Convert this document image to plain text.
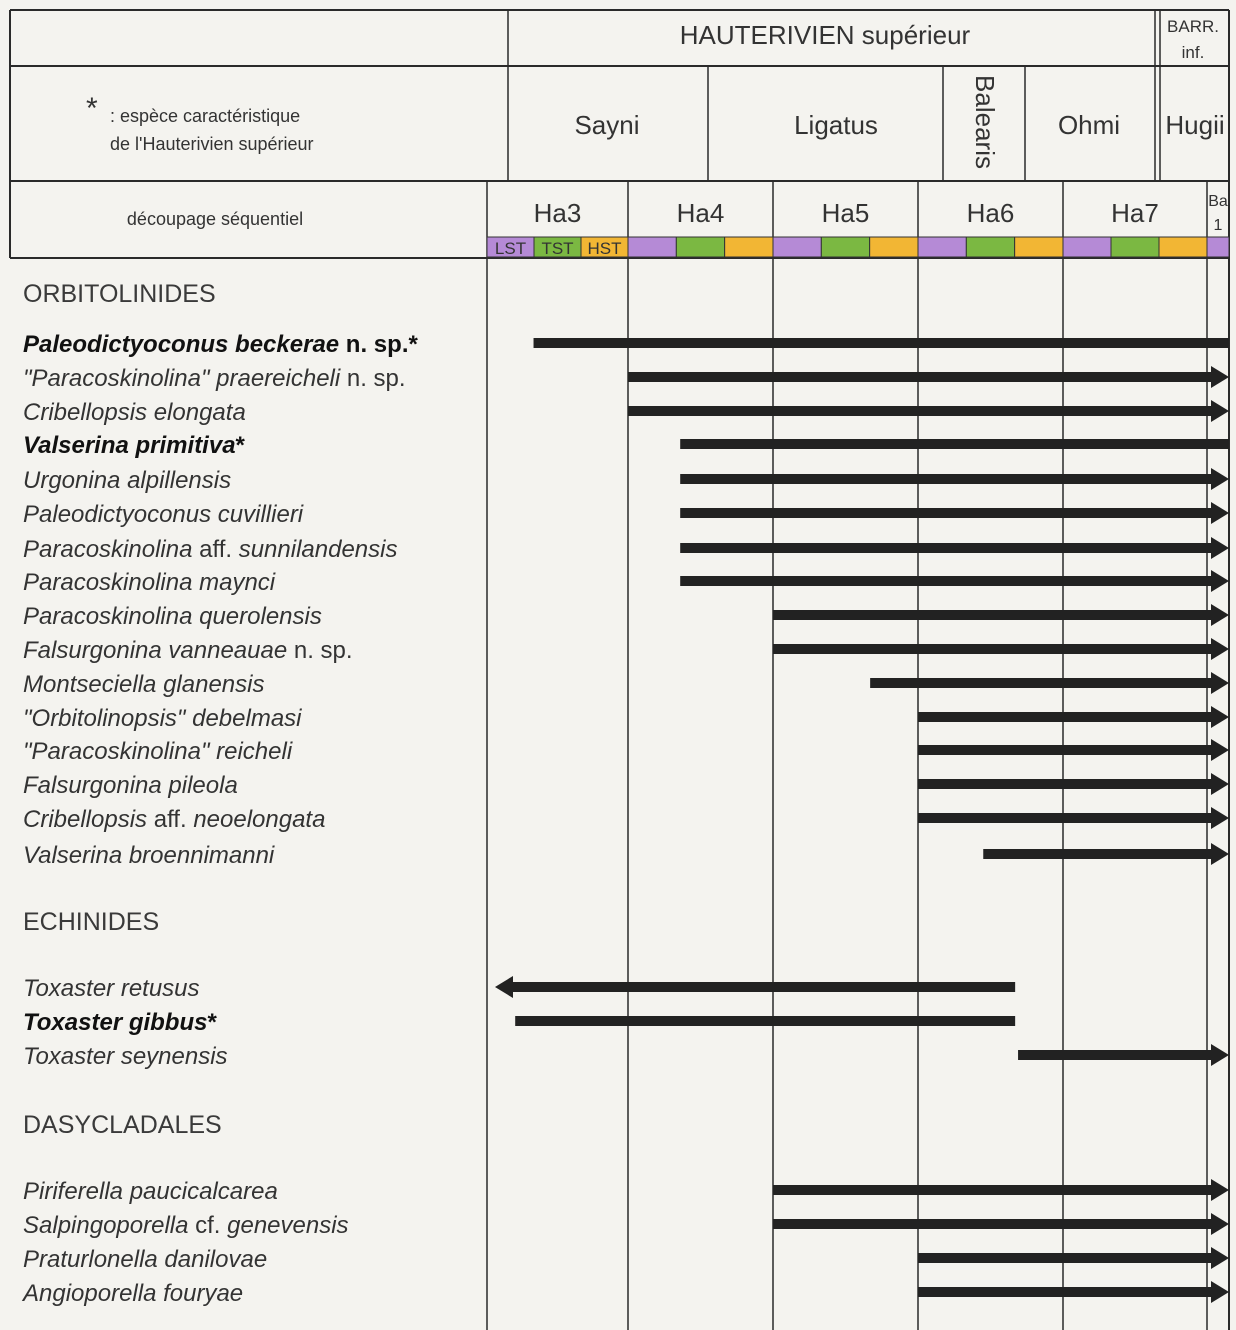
HAUTERIVIEN supérieur	BARR.
inf.
* : espèce caractéristique
de l'Hauterivien supérieur
Sayni	Ligatus	Balearis Ohmi Hugii
découpage séquentiel	Ha3	Ha4	Ha5	Ha6	Ha7	Ba
1
LST TST HST
ORBITOLINIDES
Paleodictyoconus beckerae n. sp.*
"Paracoskinolina" praereicheli n. sp.
Cribellopsis elongata
Valserina primitiva*
Urgonina alpillensis
Paleodictyoconus cuvillieri
Paracoskinolina aff. sunnilandensis
Paracoskinolina maynci
Paracoskinolina querolensis
Falsurgonina vanneauae n. sp.
Montseciella glanensis
"Orbitolinopsis" debelmasi
"Paracoskinolina" reicheli
Falsurgonina pileola
Cribellopsis aff. neoelongata
Valserina broennimanni
ECHINIDES
Toxaster retusus
Toxaster gibbus*
Toxaster seynensis
DASYCLADALES
Piriferella paucicalcarea
Salpingoporella cf. genevensis
Praturlonella danilovae
Angioporella fouryae
